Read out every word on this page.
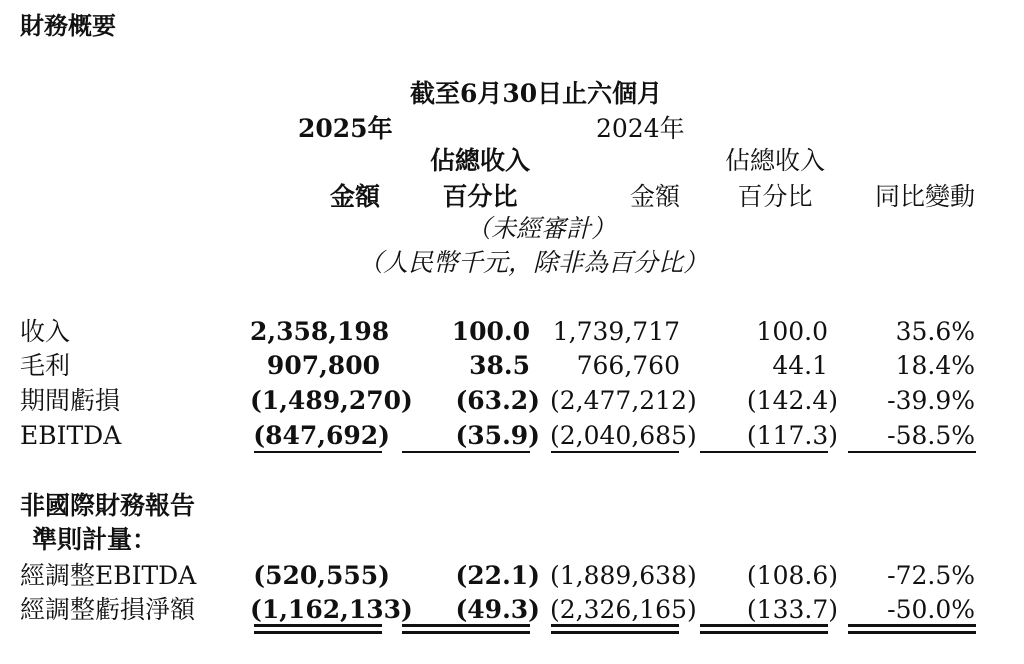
財務概要
截至6月30日止六個月
2025年	2024年
佔總收入	佔總收入
金額	百分比	金額	百分比	同比變動
（未經審計）
（人民幣千元，除非為百分比）
收入	2,358,198	100.0 1,739,717	100.0	35.6%
毛利	907,800	38.5	766,760	44.1	18.4%
期間虧損	(1,489,270)	(63.2) (2,477,212)	(142.4)	-39.9%
EBITDA	(847,692)	(35.9) (2,040,685)	(117.3)	-58.5%
非國際財務報告
準則計量：
經調整EBITDA (520,555)	(22.1) (1,889,638)	(108.6)	-72.5%
經調整虧損淨額 (1,162,133)	(49.3) (2,326,165)	(133.7)	-50.0%
